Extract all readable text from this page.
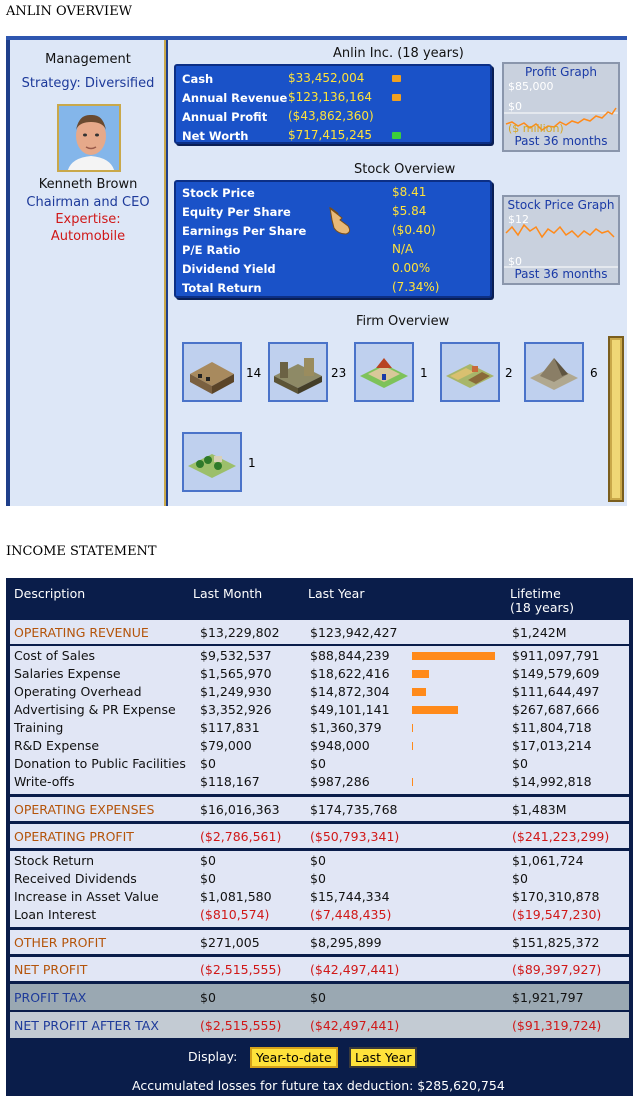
ANLIN OVERVIEW
Management
Strategy: Diversified
Kenneth Brown
Chairman and CEO
Expertise:
Automobile
Anlin Inc. (18 years)
Cash	$33,452,004
Annual Revenue $123,136,164
Annual Profit ($43,862,360)
Net Worth	$717,415,245
Profit Graph
$85,000
$0
($ million)
Past 36 months
Stock Overview
Stock Price	$8.41
Equity Per Share	$5.84
Earnings Per Share	($0.40)
P/E Ratio	N/A
Dividend Yield	0.00%
Total Return	(7.34%)
Stock Price Graph
$12
$0
Past 36 months
Firm Overview
14	23	1	2	6
1
INCOME STATEMENT
Description	Last Month	Last Year	Lifetime
(18 years)
OPERATING REVENUE	$13,229,802 $123,942,427	$1,242M
Cost of Sales	$9,532,537	$88,844,239	$911,097,791
Salaries Expense	$1,565,970	$18,622,416	$149,579,609
Operating Overhead	$1,249,930	$14,872,304	$111,644,497
Advertising & PR Expense $3,352,926	$49,101,141	$267,687,666
Training	$117,831	$1,360,379	$11,804,718
R&D Expense	$79,000	$948,000	$17,013,214
Donation to Public Facilities $0	$0	$0
Write-offs	$118,167	$987,286	$14,992,818
OPERATING EXPENSES	$16,016,363 $174,735,768	$1,483M
OPERATING PROFIT	($2,786,561) ($50,793,341)	($241,223,299)
Stock Return	$0	$0	$1,061,724
Received Dividends	$0	$0	$0
Increase in Asset Value	$1,081,580	$15,744,334	$170,310,878
Loan Interest	($810,574)	($7,448,435)	($19,547,230)
OTHER PROFIT	$271,005	$8,295,899	$151,825,372
NET PROFIT	($2,515,555) ($42,497,441)	($89,397,927)
PROFIT TAX	$0	$0	$1,921,797
NET PROFIT AFTER TAX	($2,515,555) ($42,497,441)	($91,319,724)
Display:	Year-to-date	Last Year
Accumulated losses for future tax deduction: $285,620,754
